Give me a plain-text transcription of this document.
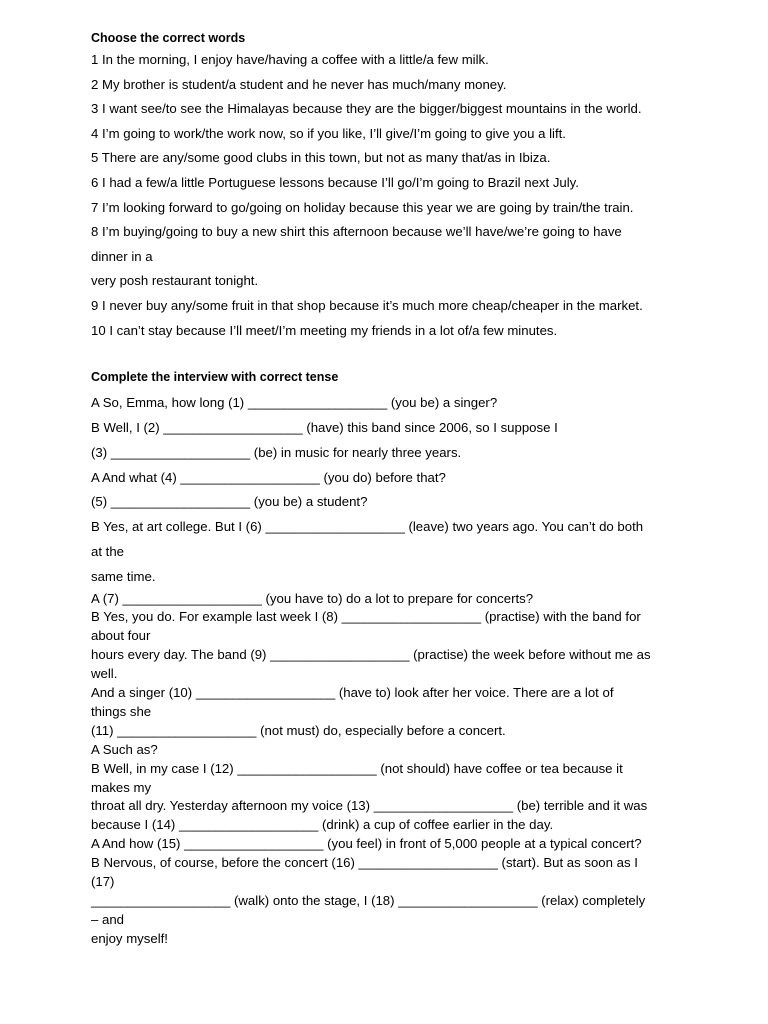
Choose the correct words

1 In the morning, I enjoy have/having a coffee with a little/a few milk.

2 My brother is student/a student and he never has much/many money.

3 I want see/to see the Himalayas because they are the bigger/biggest mountains in the world.

4 I’m going to work/the work now, so if you like, I’ll give/I’m going to give you a lift.

5 There are any/some good clubs in this town, but not as many that/as in Ibiza.

6 I had a few/a little Portuguese lessons because I’ll go/I’m going to Brazil next July.

7 I’m looking forward to go/going on holiday because this year we are going by train/the train.

8 I’m buying/going to buy a new shirt this afternoon because we’ll have/we’re going to have

dinner in a

very posh restaurant tonight.

9 I never buy any/some fruit in that shop because it’s much more cheap/cheaper in the market.

10 I can’t stay because I’ll meet/I’m meeting my friends in a lot of/a few minutes.

Complete the interview with correct tense

A So, Emma, how long (1) ___________________ (you be) a singer?

B Well, I (2) ___________________ (have) this band since 2006, so I suppose I

(3) ___________________ (be) in music for nearly three years.

A And what (4) ___________________ (you do) before that?

(5) ___________________ (you be) a student?

B Yes, at art college. But I (6) ___________________ (leave) two years ago. You can’t do both

at the

same time.

A (7) ___________________ (you have to) do a lot to prepare for concerts?

B Yes, you do. For example last week I (8) ___________________ (practise) with the band for

about four

hours every day. The band (9) ___________________ (practise) the week before without me as

well.

And a singer (10) ___________________ (have to) look after her voice. There are a lot of

things she

(11) ___________________ (not must) do, especially before a concert.

A Such as?

B Well, in my case I (12) ___________________ (not should) have coffee or tea because it

makes my

throat all dry. Yesterday afternoon my voice (13) ___________________ (be) terrible and it was

because I (14) ___________________ (drink) a cup of coffee earlier in the day.

A And how (15) ___________________ (you feel) in front of 5,000 people at a typical concert?

B Nervous, of course, before the concert (16) ___________________ (start). But as soon as I

(17)

___________________ (walk) onto the stage, I (18) ___________________ (relax) completely

– and

enjoy myself!
